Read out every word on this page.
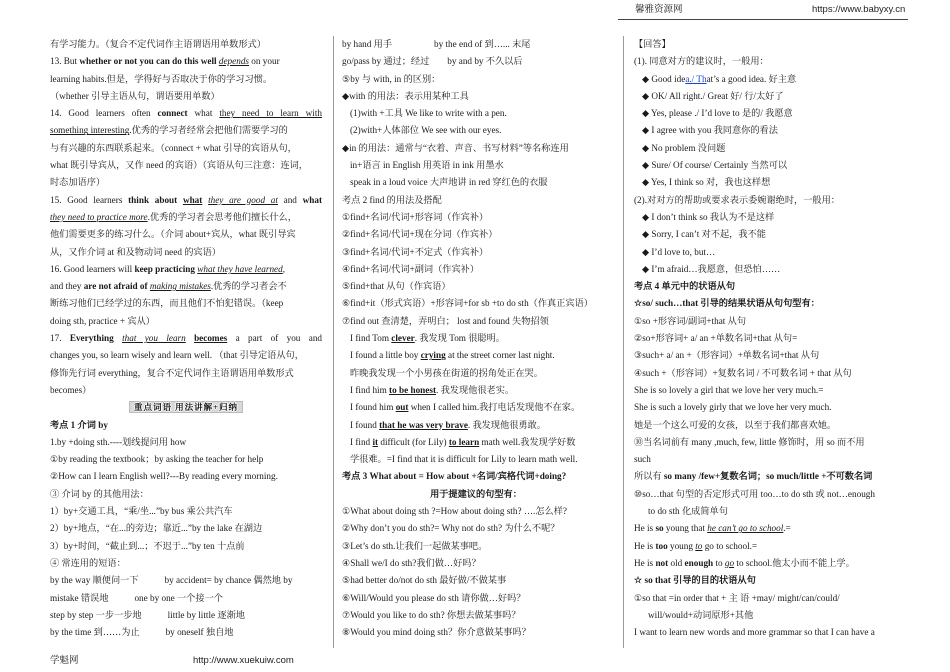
馨雅资源网	https://www.babyxy.cn
有学习能力。（复合不定代词作主语谓语用单数形式）
13. But whether or not you can do this well depends on your
learning habits.但是，学得好与否取决于你的学习习惯。
（whether 引导主语从句，谓语要用单数）
14. Good learners often connect what they need to learn with
something interesting.优秀的学习者经常会把他们需要学习的
与有兴趣的东西联系起来。（connect + what 引导的宾语从句，
what 既引导宾从，又作 need 的宾语）（宾语从句三注意：连词，
时态加语序）
15. Good learners think about what they are good at and what
they need to practice more.优秀的学习者会思考他们擅长什么，
他们需要更多的练习什么。（介词 about+宾从，what 既引导宾
从，又作介词 at 和及物动词 need 的宾语）
16. Good learners will keep practicing what they have learned,
and they are not afraid of making mistakes.优秀的学习者会不
断练习他们已经学过的东西，而且他们不怕犯错误。（keep
doing sth, practice + 宾从）
17. Everything that you learn becomes a part of you and
changes you, so learn wisely and learn well. （that 引导定语从句，
修饰先行词 everything，复合不定代词作主语谓语用单数形式
becomes）
重点词语 用法讲解+归纳
考点 1 介词 by
1.by +doing sth.----划线提问用 how
①by reading the textbook；by asking the teacher for help
②How can I learn English well?---By reading every morning.
③ 介词 by 的其他用法：
1）by+交通工具，“乘/坐...”by bus 乘公共汽车
2）by+地点，“在...的旁边；靠近...”by the lake 在湖边
3）by+时间，“截止到...；不迟于...”by ten 十点前
④ 常连用的短语：
by the way 顺便问一下	by accident= by chance 偶然地 by
mistake 错误地	one by one 一个接一个
step by step 一步一步地	little by little 逐渐地
by the time 到……为止	by oneself 独自地
by hand 用手	by the end of 到…... 末尾
go/pass by 通过；经过 by and by 不久以后
⑤by 与 with, in 的区别：
◆with 的用法：表示用某种工具
(1)with +工具 We like to write with a pen.
(2)with+人体部位 We see with our eyes.
◆in 的用法：通常与“衣着、声音、书写材料”等名称连用
in+语言 in English 用英语 in ink 用墨水
speak in a loud voice 大声地讲 in red 穿红色的衣服
考点 2 find 的用法及搭配
①find+名词/代词+形容词（作宾补）
②find+名词/代词+现在分词（作宾补）
③find+名词/代词+不定式（作宾补）
④find+名词/代词+副词（作宾补）
⑤find+that 从句（作宾语）
⑥find+it（形式宾语）+形容词+for sb +to do sth（作真正宾语）
⑦find out 查清楚，弄明白； lost and found 失物招领
I find Tom clever. 我发现 Tom 很聪明。
I found a little boy crying at the street corner last night.
昨晚我发现一个小男孩在街道的拐角处正在哭。
I find him to be honest. 我发现他很老实。
I found him out when I called him.我打电话发现他不在家。
I found that he was very brave. 我发现他很勇敢。
I find it difficult (for Lily) to learn math well.我发现学好数
学很难。=I find that it is difficult for Lily to learn math well.
考点 3 What about = How about +名词/宾格代词+doing?
用于提建议的句型有：
①What about doing sth ?=How about doing sth? ….怎么样?
②Why don’t you do sth?= Why not do sth? 为什么不呢？
③Let’s do sth.让我们一起做某事吧。
④Shall we/I do sth?我们做…好吗？
⑤had better do/not do sth 最好做/不做某事
⑥Will/Would you please do sth 请你做…好吗？
⑦Would you like to do sth? 你想去做某事吗？
⑧Would you mind doing sth？你介意做某事吗？
【回答】
(1). 同意对方的建议时，一般用：
◆ Good idea./ That’s a good idea. 好主意
◆ OK/ All right./ Great 好/ 行/太好了
◆ Yes, please ./ I’d love to 是的/ 我愿意
◆ I agree with you 我同意你的看法
◆ No problem 没问题
◆ Sure/ Of course/ Certainly 当然可以
◆ Yes, I think so 对，我也这样想
(2).对对方的帮助或要求表示委婉谢绝时，一般用：
◆ I don’t think so 我认为不是这样
◆ Sorry, I can’t 对不起，我不能
◆ I’d love to, but…
◆ I’m afraid…我愿意，但恐怕……
考点 4 单元中的状语从句
☆so/ such…that 引导的结果状语从句句型有：
①so +形容词/副词+that 从句
②so+形容词+ a/ an +单数名词+that 从句=
③such+ a/ an +（形容词）+单数名词+that 从句
④such +（形容词）+复数名词 / 不可数名词 + that 从句
She is so lovely a girl that we love her very much.=
She is such a lovely girly that we love her very much.
她是一个这么可爱的女孩，以至于我们都喜欢她。
⑩当名词前有 many ,much, few, little 修饰时，用 so 而不用
such
所以有 so many /few+复数名词；so much/little +不可数名词
⑩so…that 句型的否定形式可用 too…to do sth 或 not…enough
to do sth 化成简单句
He is so young that he can’t go to school.=
He is too young to go to school.=
He is not old enough to go to school.他太小而不能上学。
☆ so that 引导的目的状语从句
①so that =in order that + 主 语 +may/ might/can/could/
will/would+动词原形+其他
I want to learn new words and more grammar so that I can have a
学魁网	http://www.xuekuiw.com
